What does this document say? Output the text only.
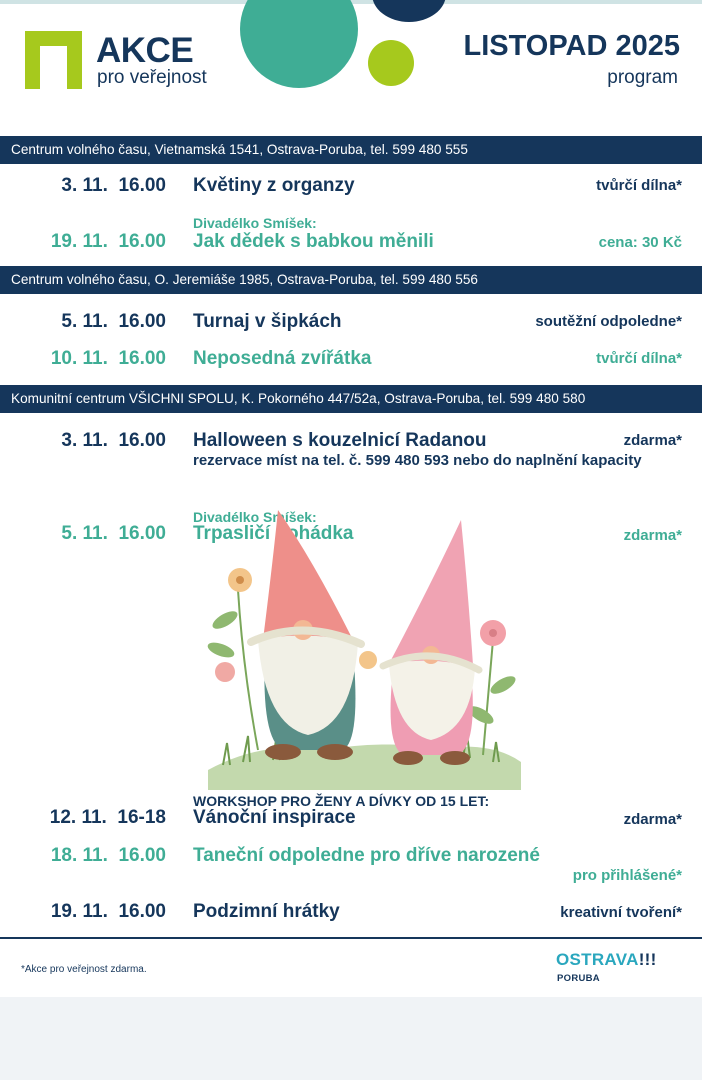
AKCE
pro veřejnost
LISTOPAD 2025
program
Centrum volného času, Vietnamská 1541, Ostrava-Poruba, tel. 599 480 555
3. 11. 16.00 Květiny z organzy	tvůrčí dílna*
Divadélko Smíšek:
19. 11. 16.00 Jak dědek s babkou měnili	cena: 30 Kč
Centrum volného času, O. Jeremiáše 1985, Ostrava-Poruba, tel. 599 480 556
5. 11. 16.00 Turnaj v šipkách	soutěžní odpoledne*
10. 11. 16.00 Neposedná zvířátka	tvůrčí dílna*
Komunitní centrum VŠICHNI SPOLU, K. Pokorného 447/52a, Ostrava-Poruba, tel. 599 480 580
3. 11. 16.00 Halloween s kouzelnicí Radanou	zdarma*
rezervace míst na tel. č. 599 480 593 nebo do naplnění kapacity
Divadélko Smíšek:
5. 11. 16.00 Trpasličí pohádka	zdarma*
WORKSHOP PRO ŽENY A DÍVKY OD 15 LET:
12. 11. 16-18 Vánoční inspirace	zdarma*
18. 11. 16.00 Taneční odpoledne pro dříve narozené
pro přihlášené*
19. 11. 16.00 Podzimní hrátky	kreativní tvoření*
*Akce pro veřejnost zdarma.
OSTRAVA!!!
PORUBA
